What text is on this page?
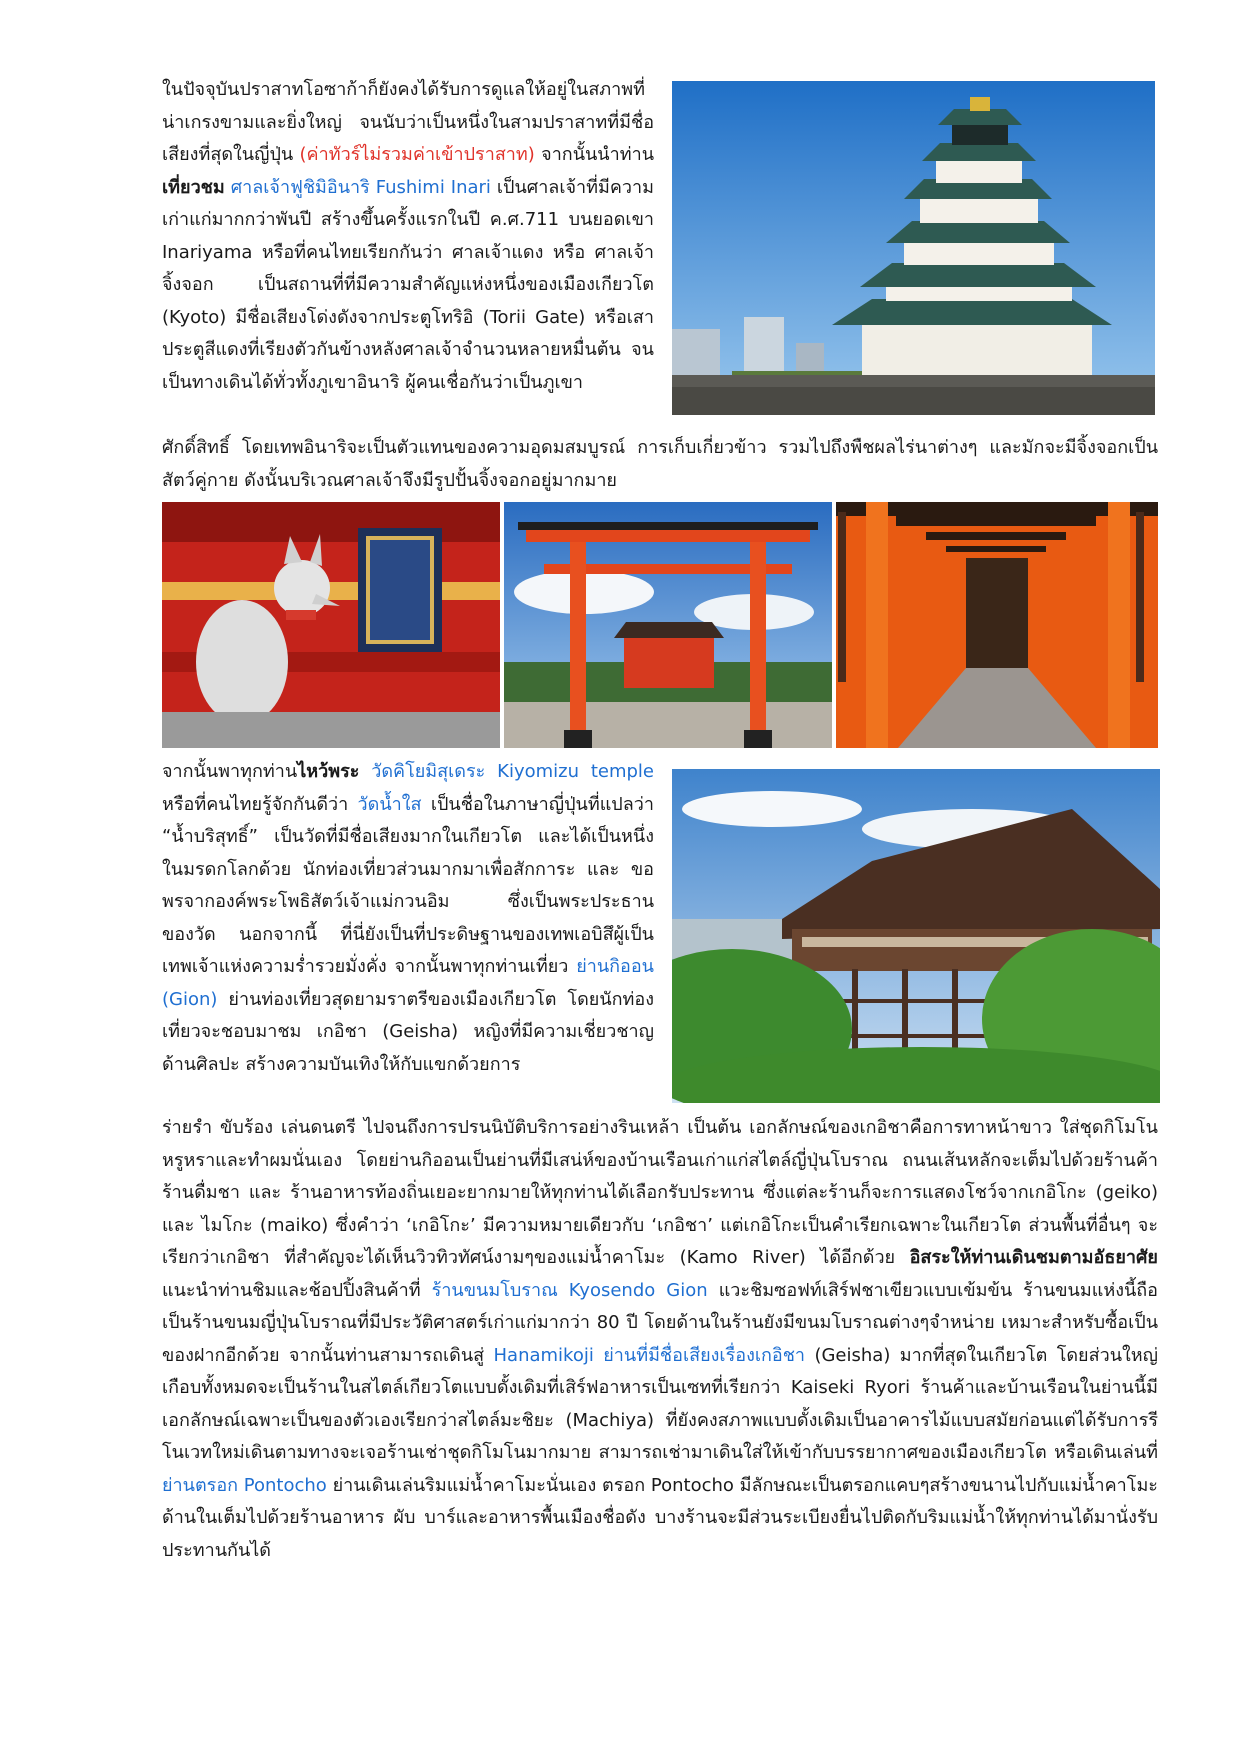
ในปัจจุบันปราสาทโอซาก้าก็ยังคงได้รับการดูแลให้อยู่ในสภาพที่น่าเกรงขามและยิ่งใหญ่ จนนับว่าเป็นหนึ่งในสามปราสาทที่มีชื่อเสียงที่สุดในญี่ปุ่น (ค่าทัวร์ไม่รวมค่าเข้าปราสาท) จากนั้นนำท่านเที่ยวชม ศาลเจ้าฟูชิมิอินาริ Fushimi Inari เป็นศาลเจ้าที่มีความเก่าแก่มากกว่าพันปี สร้างขึ้นครั้งแรกในปี ค.ศ.711 บนยอดเขา Inariyama หรือที่คนไทยเรียกกันว่า ศาลเจ้าแดง หรือ ศาลเจ้าจิ้งจอก เป็นสถานที่ที่มีความสำคัญแห่งหนึ่งของเมืองเกียวโต (Kyoto) มีชื่อเสียงโด่งดังจากประตูโทริอิ (Torii Gate) หรือเสาประตูสีแดงที่เรียงตัวกันข้างหลังศาลเจ้าจำนวนหลายหมื่นต้น จนเป็นทางเดินได้ทั่วทั้งภูเขาอินาริ ผู้คนเชื่อกันว่าเป็นภูเขา
ศักดิ์สิทธิ์ โดยเทพอินาริจะเป็นตัวแทนของความอุดมสมบูรณ์ การเก็บเกี่ยวข้าว รวมไปถึงพืชผลไร่นาต่างๆ และมักจะมีจิ้งจอกเป็นสัตว์คู่กาย ดังนั้นบริเวณศาลเจ้าจึงมีรูปปั้นจิ้งจอกอยู่มากมาย
จากนั้นพาทุกท่านไหว้พระ วัดคิโยมิสุเดระ Kiyomizu temple หรือที่คนไทยรู้จักกันดีว่า วัดน้ำใส เป็นชื่อในภาษาญี่ปุ่นที่แปลว่า “น้ำบริสุทธิ์” เป็นวัดที่มีชื่อเสียงมากในเกียวโต และได้เป็นหนึ่งในมรดกโลกด้วย นักท่องเที่ยวส่วนมากมาเพื่อสักการะ และ ขอพรจากองค์พระโพธิสัตว์เจ้าแม่กวนอิม ซึ่งเป็นพระประธานของวัด นอกจากนี้ ที่นี่ยังเป็นที่ประดิษฐานของเทพเอบิสึผู้เป็นเทพเจ้าแห่งความร่ำรวยมั่งคั่ง จากนั้นพาทุกท่านเที่ยว ย่านกิออน (Gion) ย่านท่องเที่ยวสุดยามราตรีของเมืองเกียวโต โดยนักท่องเที่ยวจะชอบมาชม เกอิชา (Geisha) หญิงที่มีความเชี่ยวชาญด้านศิลปะ สร้างความบันเทิงให้กับแขกด้วยการ
ร่ายรำ ขับร้อง เล่นดนตรี ไปจนถึงการปรนนิบัติบริการอย่างรินเหล้า เป็นต้น เอกลักษณ์ของเกอิชาคือการทาหน้าขาว ใส่ชุดกิโมโนหรูหราและทำผมนั่นเอง โดยย่านกิออนเป็นย่านที่มีเสน่ห์ของบ้านเรือนเก่าแก่สไตล์ญี่ปุ่นโบราณ ถนนเส้นหลักจะเต็มไปด้วยร้านค้า ร้านดื่มชา และ ร้านอาหารท้องถิ่นเยอะยากมายให้ทุกท่านได้เลือกรับประทาน ซึ่งแต่ละร้านก็จะการแสดงโชว์จากเกอิโกะ (geiko) และ ไมโกะ (maiko) ซึ่งคำว่า ‘เกอิโกะ’ มีความหมายเดียวกับ ‘เกอิชา’ แต่เกอิโกะเป็นคำเรียกเฉพาะในเกียวโต ส่วนพื้นที่อื่นๆ จะเรียกว่าเกอิชา ที่สำคัญจะได้เห็นวิวทิวทัศน์งามๆของแม่น้ำคาโมะ (Kamo River) ได้อีกด้วย อิสระให้ท่านเดินชมตามอัธยาศัย แนะนำท่านชิมและช้อปปิ้งสินค้าที่ ร้านขนมโบราณ Kyosendo Gion แวะชิมซอฟท์เสิร์ฟชาเขียวแบบเข้มข้น ร้านขนมแห่งนี้ถือเป็นร้านขนมญี่ปุ่นโบราณที่มีประวัติศาสตร์เก่าแก่มากว่า 80 ปี โดยด้านในร้านยังมีขนมโบราณต่างๆจำหน่าย เหมาะสำหรับซื้อเป็นของฝากอีกด้วย จากนั้นท่านสามารถเดินสู่ Hanamikoji ย่านที่มีชื่อเสียงเรื่องเกอิชา (Geisha) มากที่สุดในเกียวโต โดยส่วนใหญ่เกือบทั้งหมดจะเป็นร้านในสไตล์เกียวโตแบบดั้งเดิมที่เสิร์ฟอาหารเป็นเซทที่เรียกว่า Kaiseki Ryori ร้านค้าและบ้านเรือนในย่านนี้มีเอกลักษณ์เฉพาะเป็นของตัวเองเรียกว่าสไตล์มะชิยะ (Machiya) ที่ยังคงสภาพแบบดั้งเดิมเป็นอาคารไม้แบบสมัยก่อนแต่ได้รับการรีโนเวทใหม่เดินตามทางจะเจอร้านเช่าชุดกิโมโนมากมาย สามารถเช่ามาเดินใส่ให้เข้ากับบรรยากาศของเมืองเกียวโต หรือเดินเล่นที่ ย่านตรอก Pontocho ย่านเดินเล่นริมแม่น้ำคาโมะนั่นเอง ตรอก Pontocho มีลักษณะเป็นตรอกแคบๆสร้างขนานไปกับแม่น้ำคาโมะ ด้านในเต็มไปด้วยร้านอาหาร ผับ บาร์และอาหารพื้นเมืองชื่อดัง บางร้านจะมีส่วนระเบียงยื่นไปติดกับริมแม่น้ำให้ทุกท่านได้มานั่งรับประทานกันได้
